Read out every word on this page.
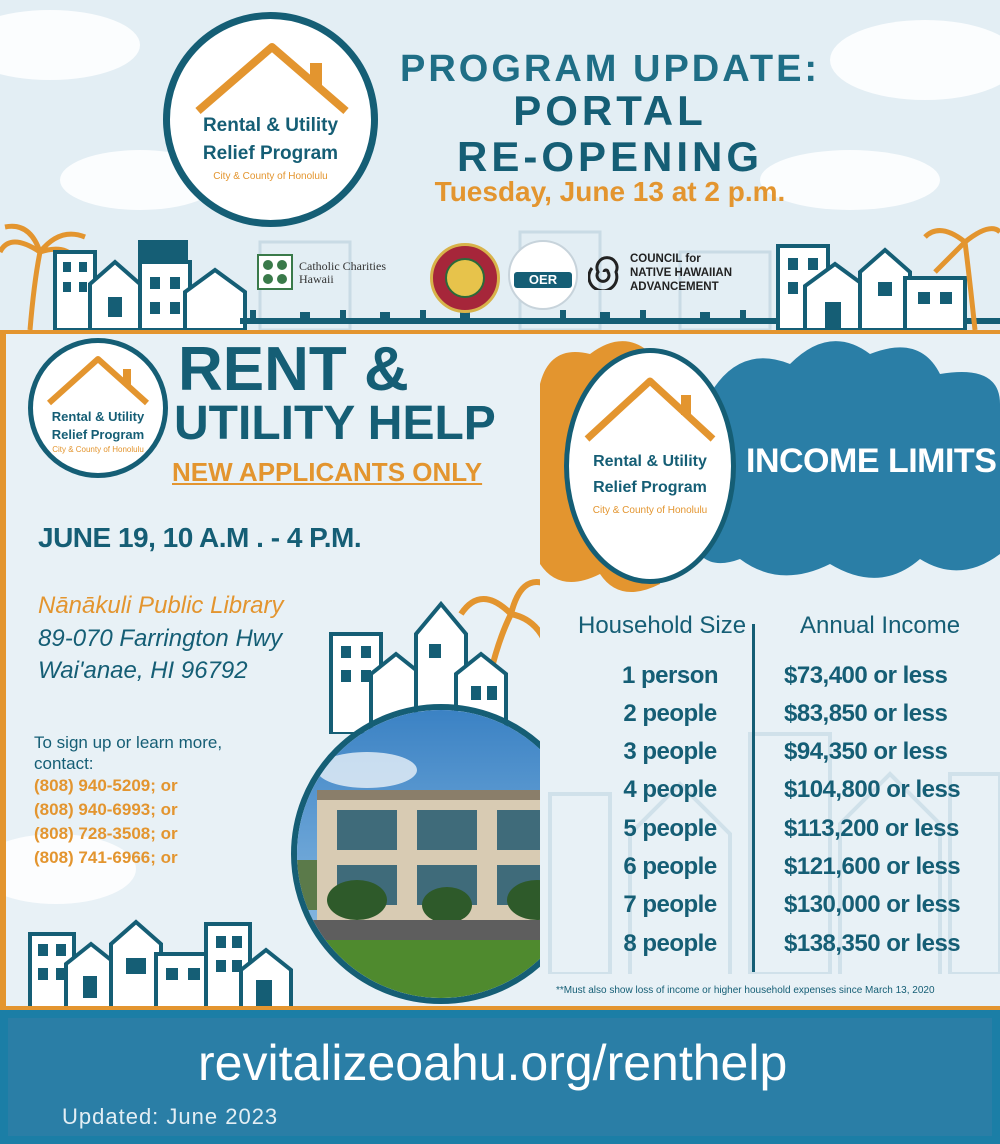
Rental & Utility
Relief Program
City & County of Honolulu
PROGRAM UPDATE:
PORTAL
RE-OPENING
Tuesday, June 13 at 2 p.m.
Catholic Charities
Hawaii	OER
COUNCIL for
NATIVE HAWAIIAN
ADVANCEMENT
Rental & Utility
Relief Program
City & County of Honolulu
RENT &
UTILITY HELP
NEW APPLICANTS ONLY
JUNE 19, 10 A.M . - 4 P.M.
Nānākuli Public Library
89-070 Farrington Hwy
Wai'anae, HI 96792
To sign up or learn more, contact:
(808) 940-5209; or
(808) 940-6993; or
(808) 728-3508; or
(808) 741-6966; or
Rental & Utility
Relief Program
City & County of Honolulu
INCOME LIMITS
Household Size Annual Income
1 person	$73,400 or less
2 people	$83,850 or less
3 people	$94,350 or less
4 people	$104,800 or less
5 people	$113,200 or less
6 people	$121,600 or less
7 people	$130,000 or less
8 people	$138,350 or less
**Must also show loss of income or higher household expenses since March 13, 2020
revitalizeoahu.org/renthelp
Updated: June 2023
